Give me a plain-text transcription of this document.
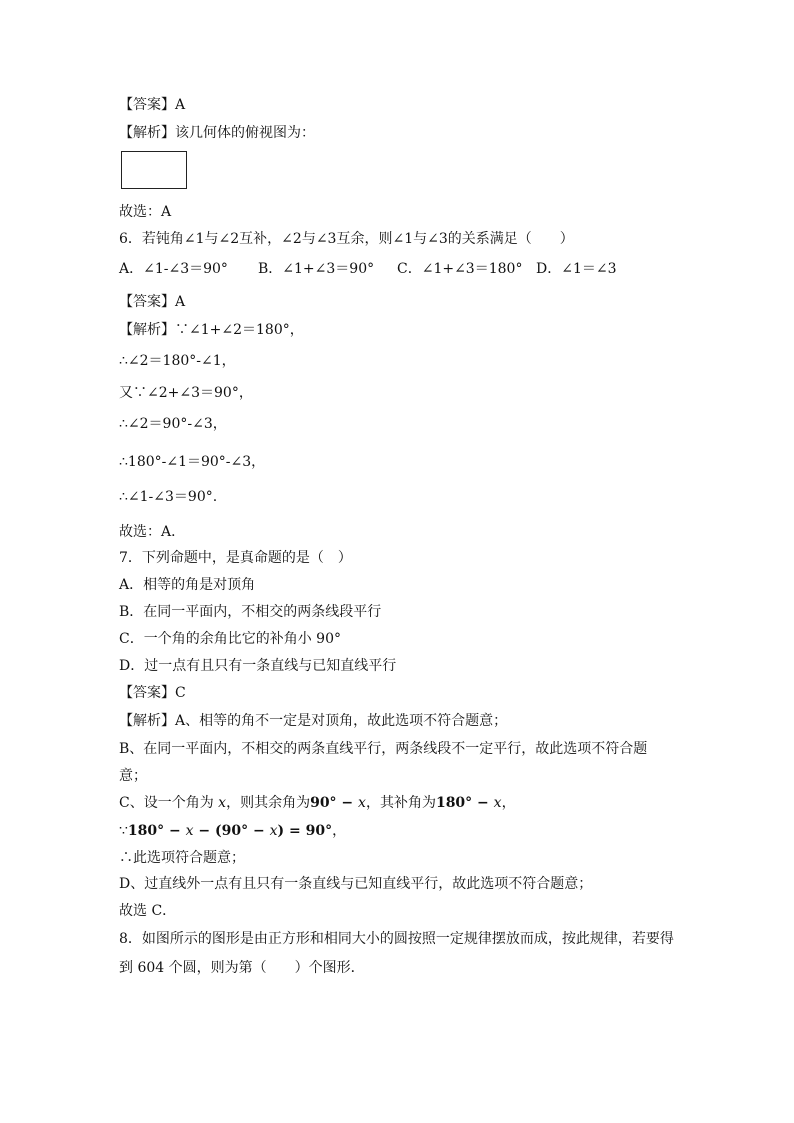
【答案】A
【解析】该几何体的俯视图为：
故选：A
6．若钝角∠1与∠2互补，∠2与∠3互余，则∠1与∠3的关系满足（　　）
A．∠1-∠3＝90° B．∠1+∠3＝90° C．∠1+∠3＝180° D．∠1＝∠3
【答案】A
【解析】∵∠1+∠2＝180°，
∴∠2＝180°-∠1，
又∵∠2+∠3＝90°，
∴∠2＝90°-∠3，
∴180°-∠1＝90°-∠3，
∴∠1-∠3＝90°.
故选：A．
7．下列命题中，是真命题的是（　）
A．相等的角是对顶角
B．在同一平面内，不相交的两条线段平行
C．一个角的余角比它的补角小 90°
D．过一点有且只有一条直线与已知直线平行
【答案】C
【解析】A、相等的角不一定是对顶角，故此选项不符合题意；
B、在同一平面内，不相交的两条直线平行，两条线段不一定平行，故此选项不符合题
意；
C、设一个角为 x，则其余角为90° − x，其补角为180° − x，
∵180° − x − (90° − x) = 90°，
∴此选项符合题意；
D、过直线外一点有且只有一条直线与已知直线平行，故此选项不符合题意；
故选 C．
8．如图所示的图形是由正方形和相同大小的圆按照一定规律摆放而成，按此规律，若要得
到 604 个圆，则为第（　　）个图形．
